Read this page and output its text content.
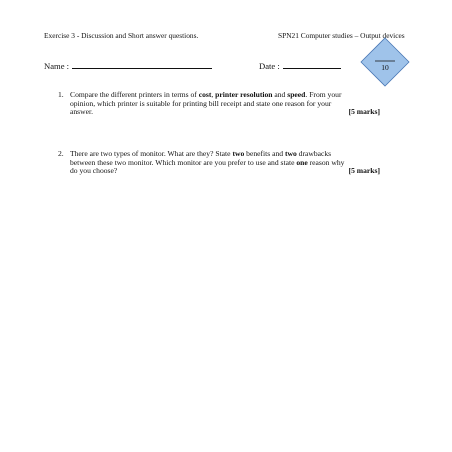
Exercise 3 - Discussion and Short answer questions.	SPN21 Computer studies – Output devices
Name :	Date :	10
1. Compare the different printers in terms of cost, printer resolution and speed. From your
opinion, which printer is suitable for printing bill receipt and state one reason for your
answer.	[5 marks]
2. There are two types of monitor. What are they? State two benefits and two drawbacks
between these two monitor. Which monitor are you prefer to use and state one reason why
do you choose?	[5 marks]
